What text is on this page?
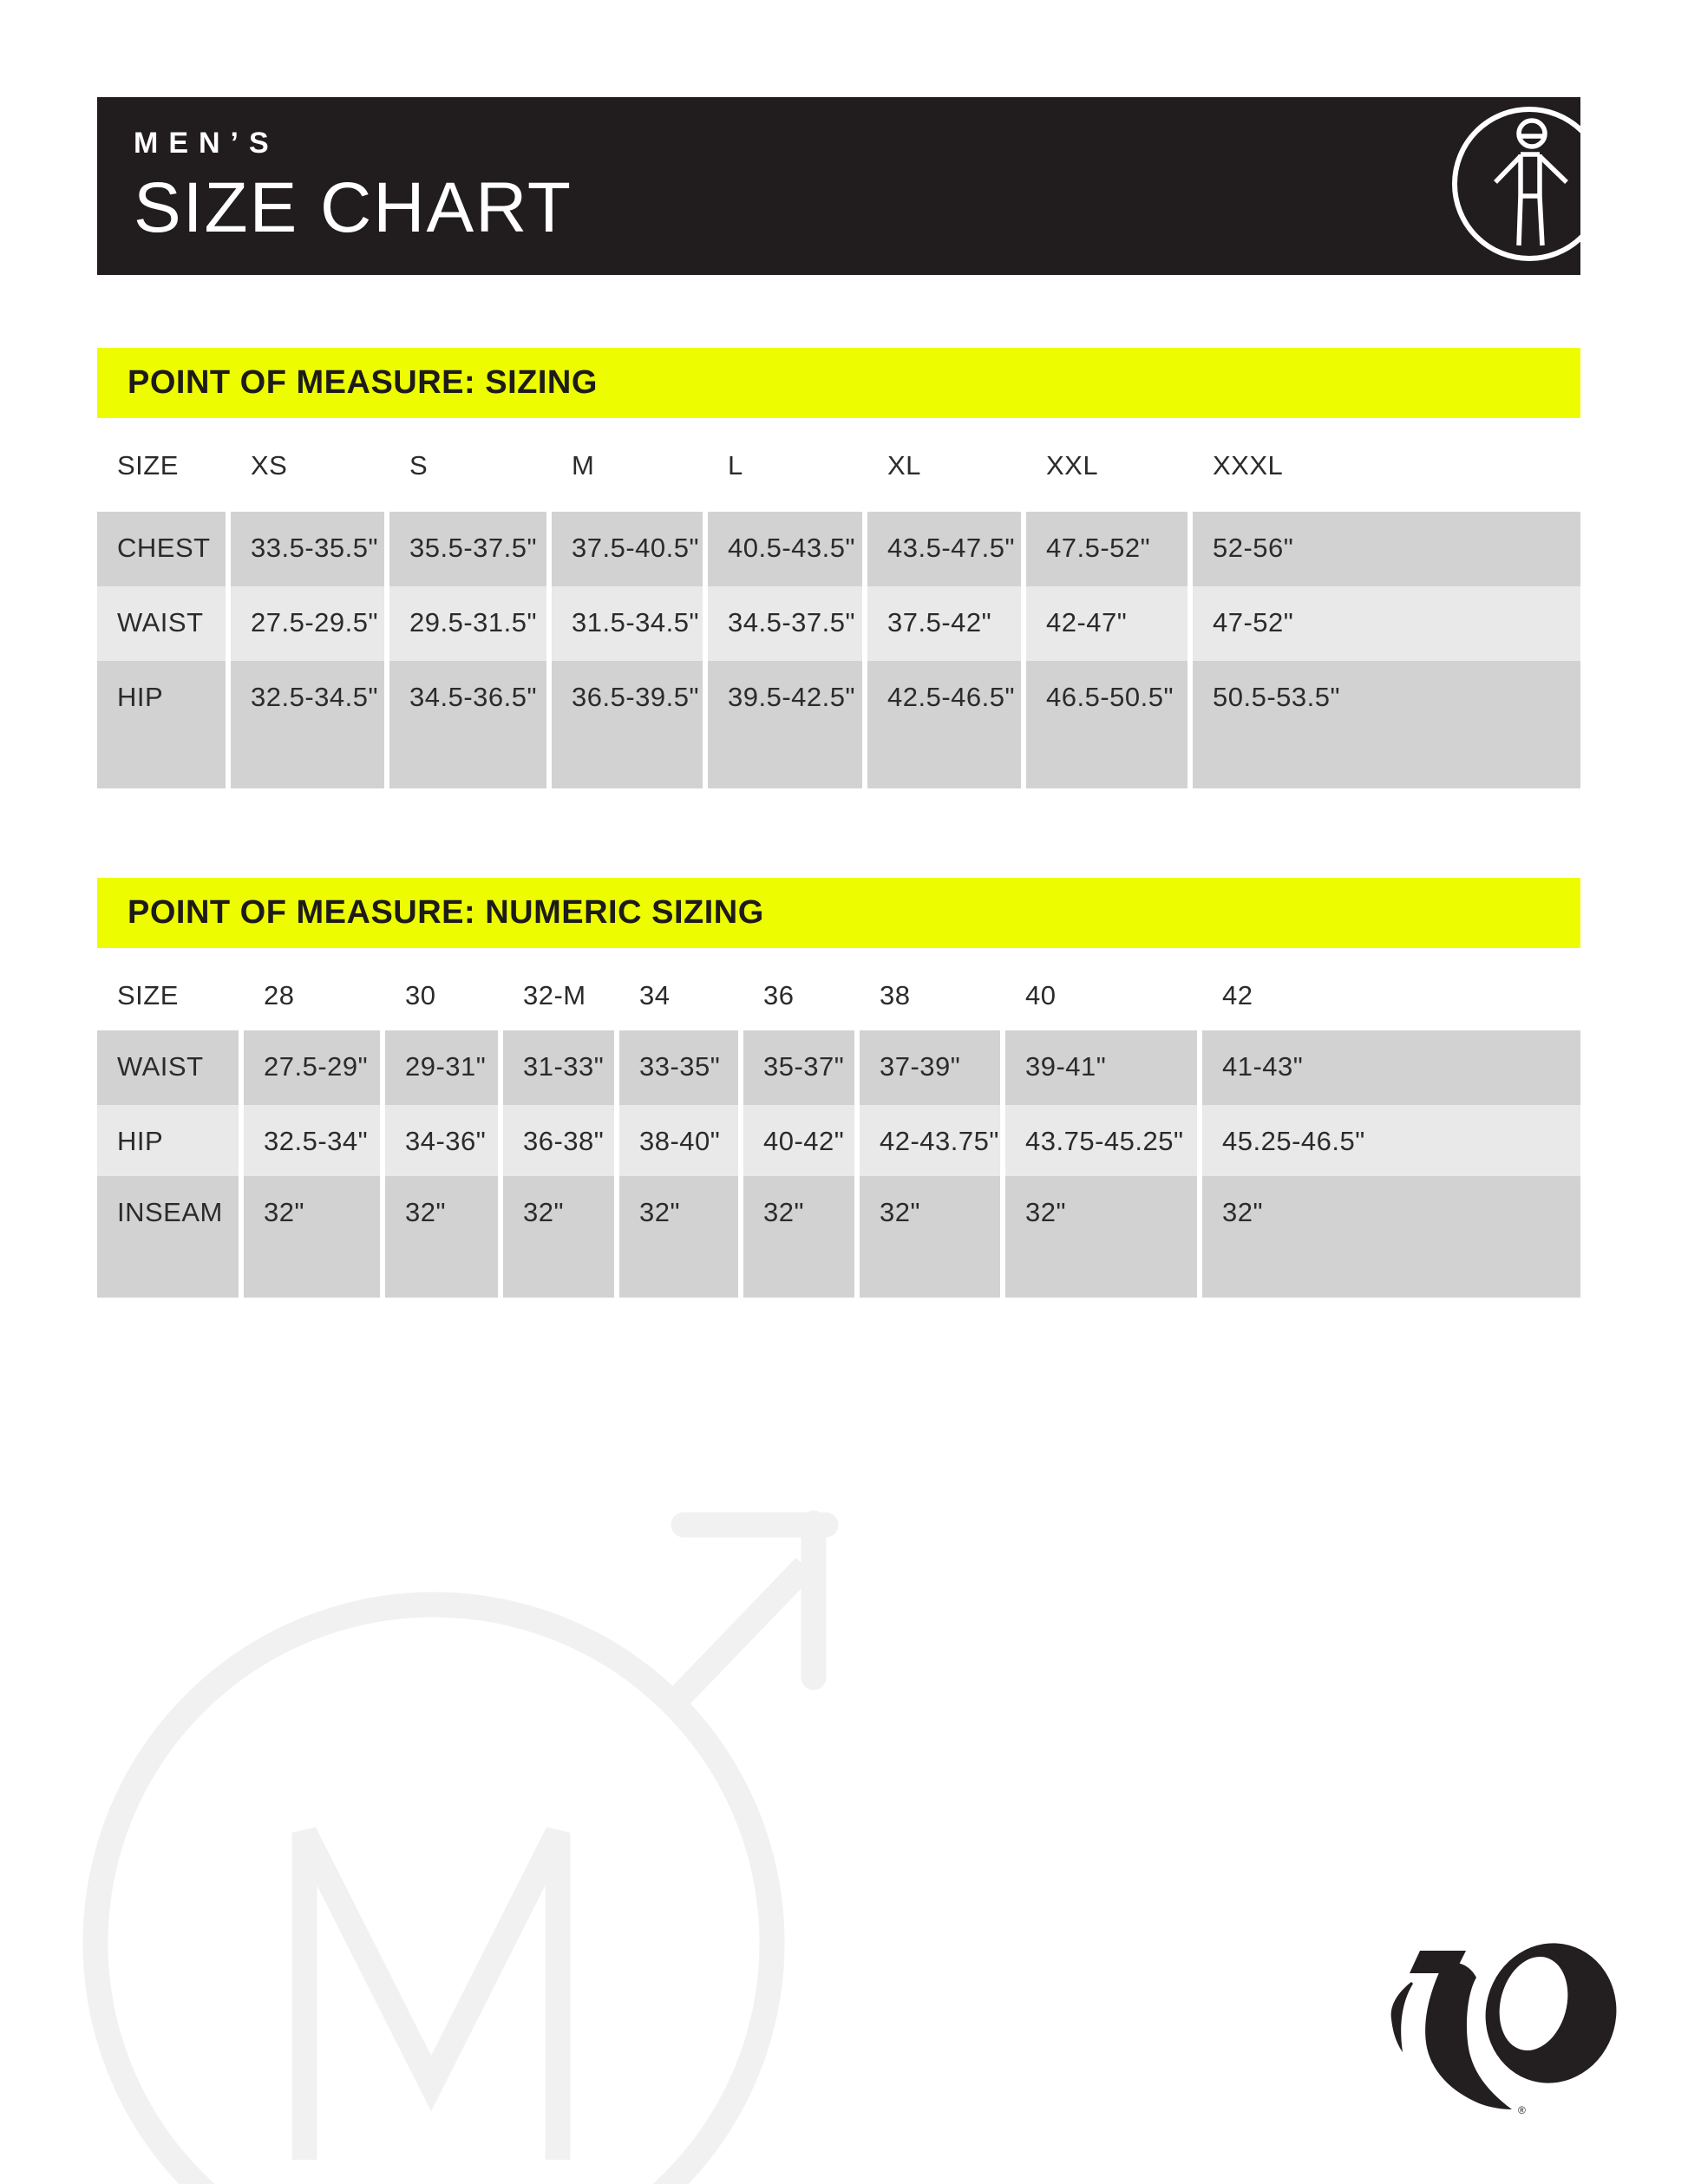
MEN’S
SIZE CHART
POINT OF MEASURE: SIZING
SIZE	XS	S	M	L	XL	XXL	XXXL
CHEST	33.5-35.5"	35.5-37.5"	37.5-40.5"	40.5-43.5"	43.5-47.5"	47.5-52"	52-56"
WAIST	27.5-29.5"	29.5-31.5"	31.5-34.5"	34.5-37.5"	37.5-42"	42-47"	47-52"
HIP	32.5-34.5"	34.5-36.5"	36.5-39.5"	39.5-42.5"	42.5-46.5"	46.5-50.5"	50.5-53.5"
POINT OF MEASURE: NUMERIC SIZING
SIZE	28	30	32-M	34	36	38	40	42
WAIST	27.5-29"	29-31"	31-33"	33-35"	35-37"	37-39"	39-41"	41-43"
HIP	32.5-34"	34-36"	36-38"	38-40"	40-42"	42-43.75" 43.75-45.25"	45.25-46.5"
INSEAM	32"	32"	32"	32"	32"	32"	32"	32"
®
